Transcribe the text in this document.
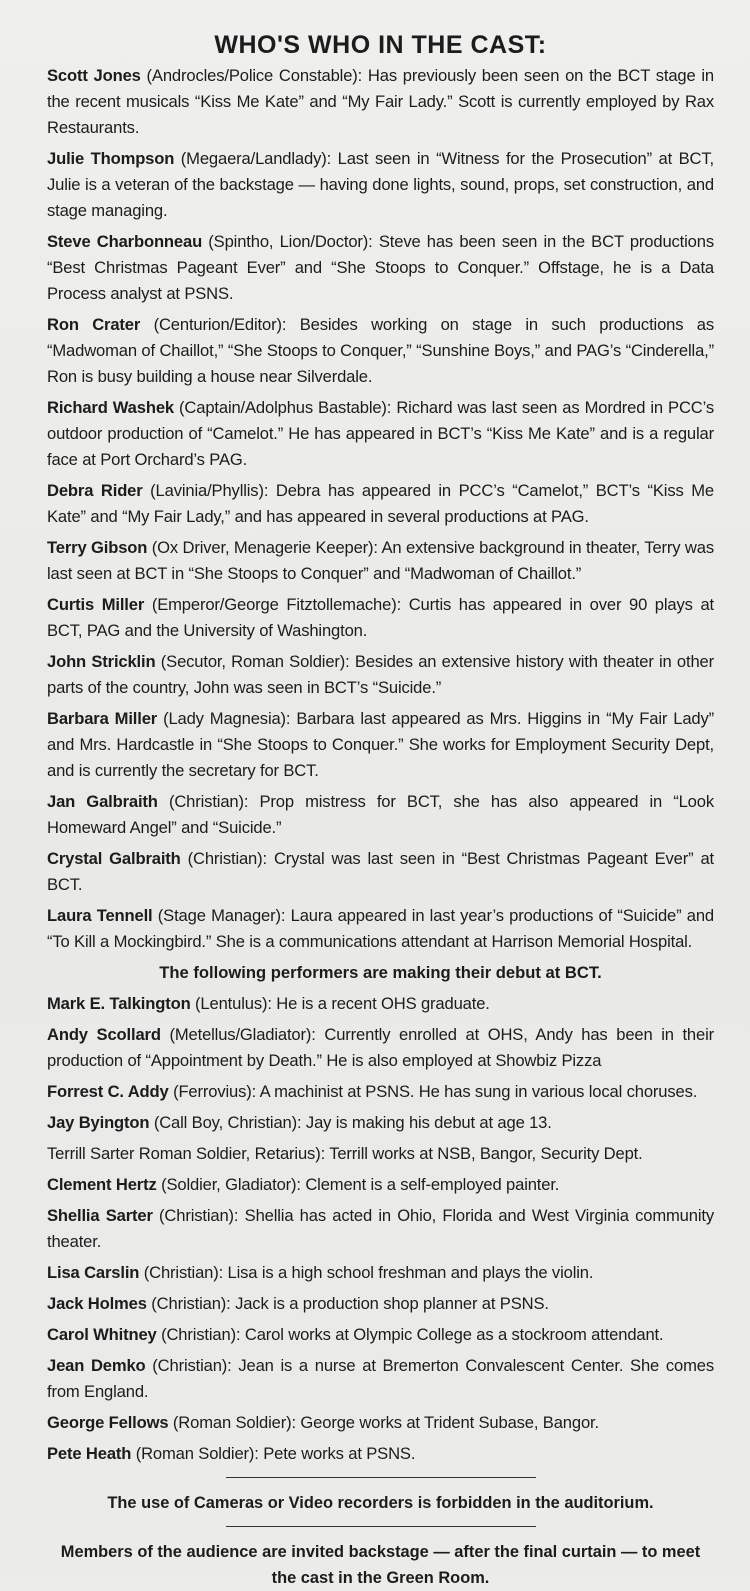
WHO'S WHO IN THE CAST:

Scott Jones (Androcles/Police Constable): Has previously been seen on the BCT stage in the recent musicals “Kiss Me Kate” and “My Fair Lady.” Scott is currently employed by Rax Restaurants.

Julie Thompson (Megaera/Landlady): Last seen in “Witness for the Prosecution” at BCT, Julie is a veteran of the backstage — having done lights, sound, props, set construction, and stage managing.

Steve Charbonneau (Spintho, Lion/Doctor): Steve has been seen in the BCT productions “Best Christmas Pageant Ever” and “She Stoops to Conquer.” Offstage, he is a Data Process analyst at PSNS.

Ron Crater (Centurion/Editor): Besides working on stage in such productions as “Madwoman of Chaillot,” “She Stoops to Conquer,” “Sunshine Boys,” and PAG’s “Cinderella,” Ron is busy building a house near Silverdale.

Richard Washek (Captain/Adolphus Bastable): Richard was last seen as Mordred in PCC’s outdoor production of “Camelot.” He has appeared in BCT’s “Kiss Me Kate” and is a regular face at Port Orchard’s PAG.

Debra Rider (Lavinia/Phyllis): Debra has appeared in PCC’s “Camelot,” BCT’s “Kiss Me Kate” and “My Fair Lady,” and has appeared in several productions at PAG.

Terry Gibson (Ox Driver, Menagerie Keeper): An extensive background in theater, Terry was last seen at BCT in “She Stoops to Conquer” and “Madwoman of Chaillot.”

Curtis Miller (Emperor/George Fitztollemache): Curtis has appeared in over 90 plays at BCT, PAG and the University of Washington.

John Stricklin (Secutor, Roman Soldier): Besides an extensive history with theater in other parts of the country, John was seen in BCT’s “Suicide.”

Barbara Miller (Lady Magnesia): Barbara last appeared as Mrs. Higgins in “My Fair Lady” and Mrs. Hardcastle in “She Stoops to Conquer.” She works for Employment Security Dept, and is currently the secretary for BCT.

Jan Galbraith (Christian): Prop mistress for BCT, she has also appeared in “Look Homeward Angel” and “Suicide.”

Crystal Galbraith (Christian): Crystal was last seen in “Best Christmas Pageant Ever” at BCT.

Laura Tennell (Stage Manager): Laura appeared in last year’s productions of “Suicide” and “To Kill a Mockingbird.” She is a communications attendant at Harrison Memorial Hospital.

The following performers are making their debut at BCT.

Mark E. Talkington (Lentulus): He is a recent OHS graduate.

Andy Scollard (Metellus/Gladiator): Currently enrolled at OHS, Andy has been in their production of “Appointment by Death.” He is also employed at Showbiz Pizza

Forrest C. Addy (Ferrovius): A machinist at PSNS. He has sung in various local choruses.

Jay Byington (Call Boy, Christian): Jay is making his debut at age 13.

Terrill Sarter Roman Soldier, Retarius): Terrill works at NSB, Bangor, Security Dept.

Clement Hertz (Soldier, Gladiator): Clement is a self-employed painter.

Shellia Sarter (Christian): Shellia has acted in Ohio, Florida and West Virginia community theater.

Lisa Carslin (Christian): Lisa is a high school freshman and plays the violin.

Jack Holmes (Christian): Jack is a production shop planner at PSNS.

Carol Whitney (Christian): Carol works at Olympic College as a stockroom attendant.

Jean Demko (Christian): Jean is a nurse at Bremerton Convalescent Center. She comes from England.

George Fellows (Roman Soldier): George works at Trident Subase, Bangor.

Pete Heath (Roman Soldier): Pete works at PSNS.

The use of Cameras or Video recorders is forbidden in the auditorium.

Members of the audience are invited backstage — after the final curtain — to meet the cast in the Green Room.
